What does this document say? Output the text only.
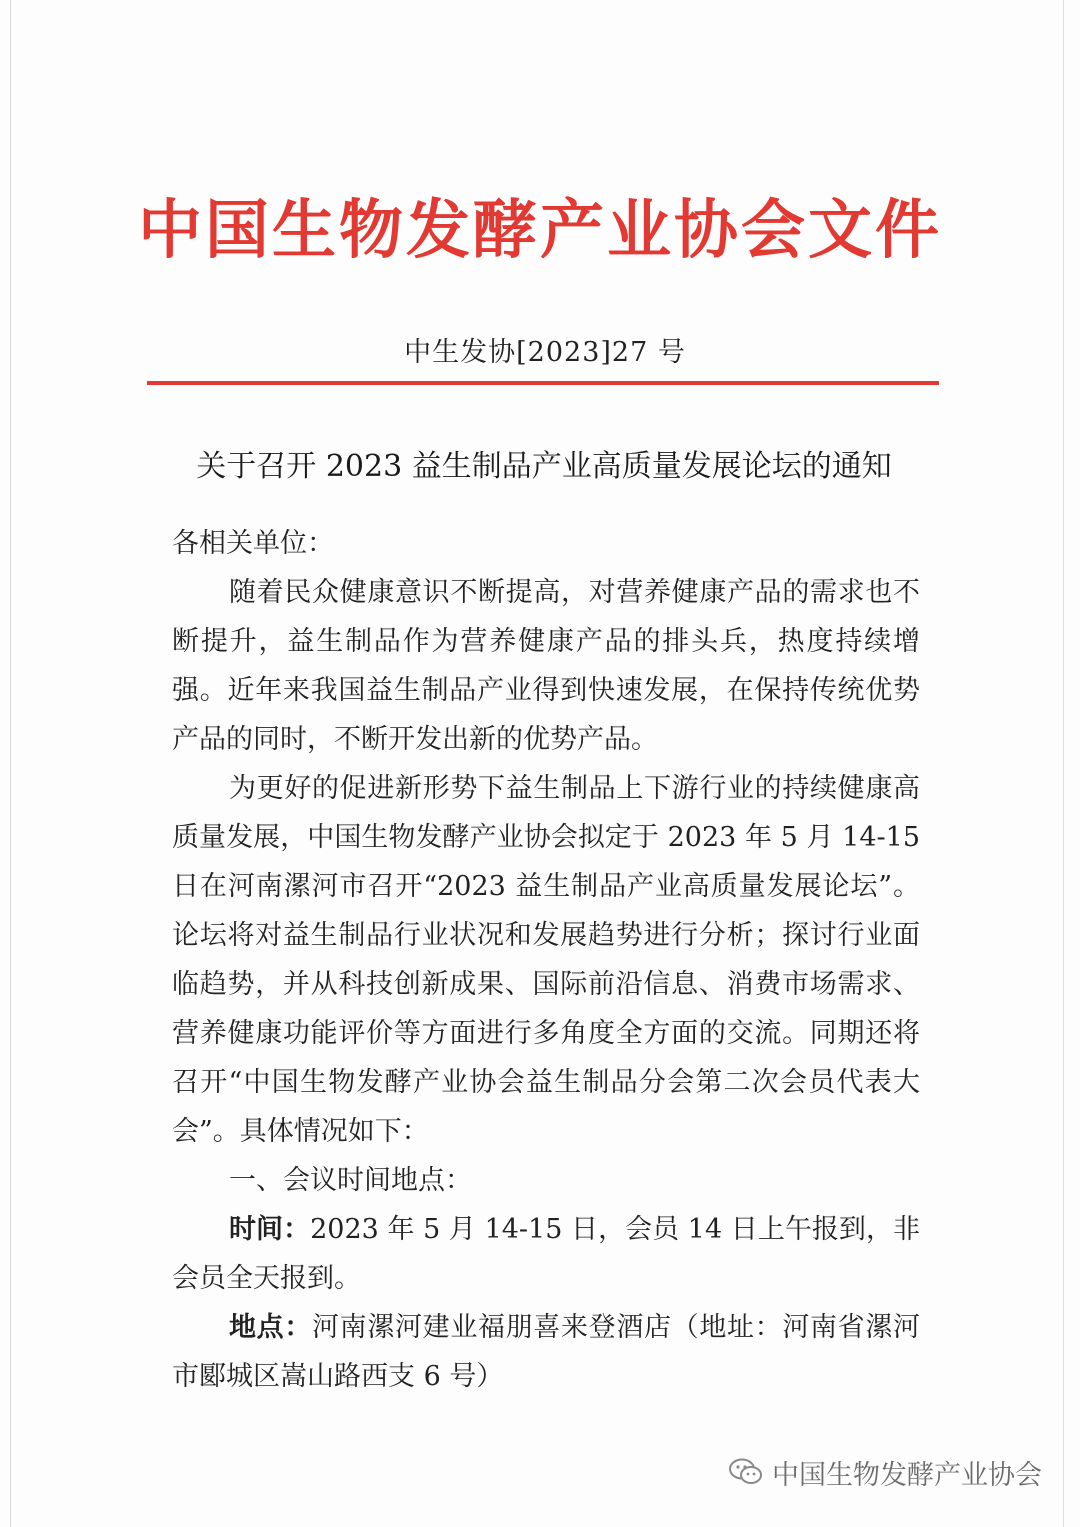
中国生物发酵产业协会文件
中生发协[2023]27 号
关于召开 2023 益生制品产业高质量发展论坛的通知

各相关单位：

随着民众健康意识不断提高，对营养健康产品的需求也不断提升，益生制品作为营养健康产品的排头兵，热度持续增强。近年来我国益生制品产业得到快速发展，在保持传统优势产品的同时，不断开发出新的优势产品。

为更好的促进新形势下益生制品上下游行业的持续健康高质量发展，中国生物发酵产业协会拟定于 2023 年 5 月 14-15 日在河南漯河市召开“2023 益生制品产业高质量发展论坛”。论坛将对益生制品行业状况和发展趋势进行分析；探讨行业面临趋势，并从科技创新成果、国际前沿信息、消费市场需求、营养健康功能评价等方面进行多角度全方面的交流。同期还将召开“中国生物发酵产业协会益生制品分会第二次会员代表大会”。具体情况如下：

一、会议时间地点：

时间：2023 年 5 月 14-15 日，会员 14 日上午报到，非会员全天报到。

地点：河南漯河建业福朋喜来登酒店（地址：河南省漯河市郾城区嵩山路西支 6 号）

中国生物发酵产业协会
